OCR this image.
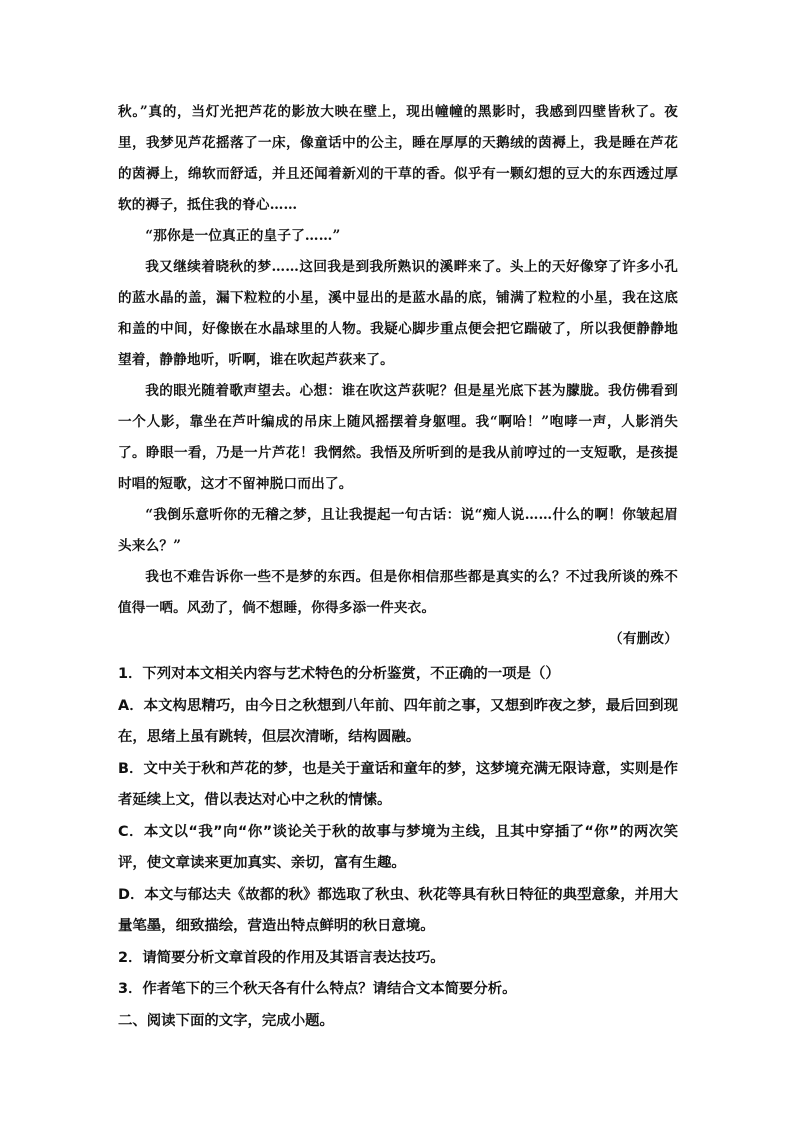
秋。”真的，当灯光把芦花的影放大映在壁上，现出幢幢的黑影时，我感到四壁皆秋了。夜里，我梦见芦花摇落了一床，像童话中的公主，睡在厚厚的天鹅绒的茵褥上，我是睡在芦花的茵褥上，绵软而舒适，并且还闻着新刈的干草的香。似乎有一颗幻想的豆大的东西透过厚软的褥子，抵住我的脊心……

“那你是一位真正的皇子了……”

我又继续着晓秋的梦……这回我是到我所熟识的溪畔来了。头上的天好像穿了许多小孔的蓝水晶的盖，漏下粒粒的小星，溪中显出的是蓝水晶的底，铺满了粒粒的小星，我在这底和盖的中间，好像嵌在水晶球里的人物。我疑心脚步重点便会把它踹破了，所以我便静静地望着，静静地听，听啊，谁在吹起芦荻来了。

我的眼光随着歌声望去。心想：谁在吹这芦荻呢？但是星光底下甚为朦胧。我仿佛看到一个人影，靠坐在芦叶编成的吊床上随风摇摆着身躯哩。我“啊哈！”咆哮一声，人影消失了。睁眼一看，乃是一片芦花！我惘然。我悟及所听到的是我从前哼过的一支短歌，是孩提时唱的短歌，这才不留神脱口而出了。

“我倒乐意听你的无稽之梦，且让我提起一句古话：说“痴人说……什么的啊！你皱起眉头来么？”

我也不难告诉你一些不是梦的东西。但是你相信那些都是真实的么？不过我所谈的殊不值得一哂。风劲了，倘不想睡，你得多添一件夹衣。

（有删改）

1．下列对本文相关内容与艺术特色的分析鉴赏，不正确的一项是（）

A．本文构思精巧，由今日之秋想到八年前、四年前之事，又想到昨夜之梦，最后回到现在，思绪上虽有跳转，但层次清晰，结构圆融。

B．文中关于秋和芦花的梦，也是关于童话和童年的梦，这梦境充满无限诗意，实则是作者延续上文，借以表达对心中之秋的情愫。

C．本文以“我”向“你”谈论关于秋的故事与梦境为主线，且其中穿插了“你”的两次笑评，使文章读来更加真实、亲切，富有生趣。

D．本文与郁达夫《故都的秋》都选取了秋虫、秋花等具有秋日特征的典型意象，并用大量笔墨，细致描绘，营造出特点鲜明的秋日意境。

2．请简要分析文章首段的作用及其语言表达技巧。

3．作者笔下的三个秋天各有什么特点？请结合文本简要分析。

二、阅读下面的文字，完成小题。
